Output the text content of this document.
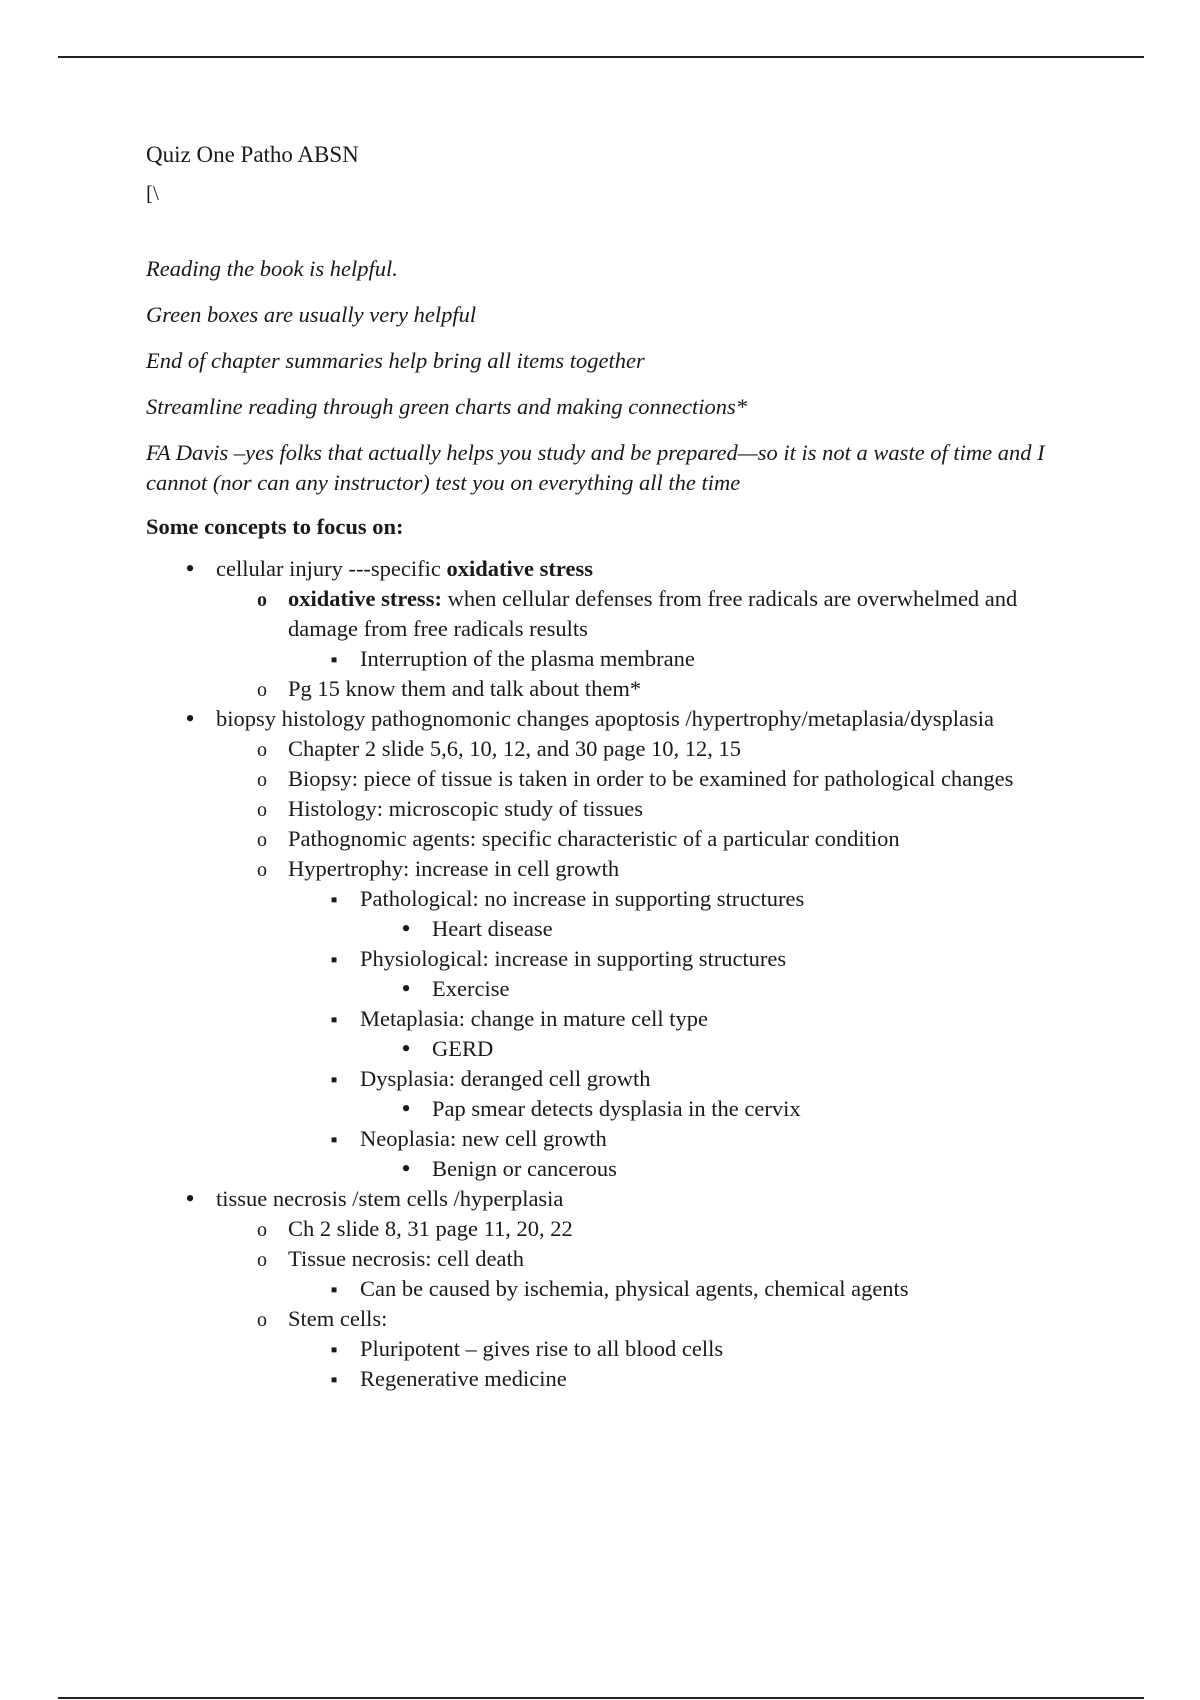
Quiz One Patho ABSN

[\

Reading the book is helpful.

Green boxes are usually very helpful

End of chapter summaries help bring all items together

Streamline reading through green charts and making connections*

FA Davis –yes folks that actually helps you study and be prepared—so it is not a waste of time and I cannot (nor can any instructor) test you on everything all the time

Some concepts to focus on:

•
cellular injury ---specific oxidative stress
o
oxidative stress: when cellular defenses from free radicals are overwhelmed and damage from free radicals results
▪
Interruption of the plasma membrane
o
Pg 15 know them and talk about them*
•
biopsy histology pathognomonic changes apoptosis /hypertrophy/metaplasia/dysplasia
o
Chapter 2 slide 5,6, 10, 12, and 30 page 10, 12, 15
o
Biopsy: piece of tissue is taken in order to be examined for pathological changes
o
Histology: microscopic study of tissues
o
Pathognomic agents: specific characteristic of a particular condition
o
Hypertrophy: increase in cell growth
▪
Pathological: no increase in supporting structures
•
Heart disease
▪
Physiological: increase in supporting structures
•
Exercise
▪
Metaplasia: change in mature cell type
•
GERD
▪
Dysplasia: deranged cell growth
•
Pap smear detects dysplasia in the cervix
▪
Neoplasia: new cell growth
•
Benign or cancerous
•
tissue necrosis /stem cells /hyperplasia
o
Ch 2 slide 8, 31 page 11, 20, 22
o
Tissue necrosis: cell death
▪
Can be caused by ischemia, physical agents, chemical agents
o
Stem cells:
▪
Pluripotent – gives rise to all blood cells
▪
Regenerative medicine
